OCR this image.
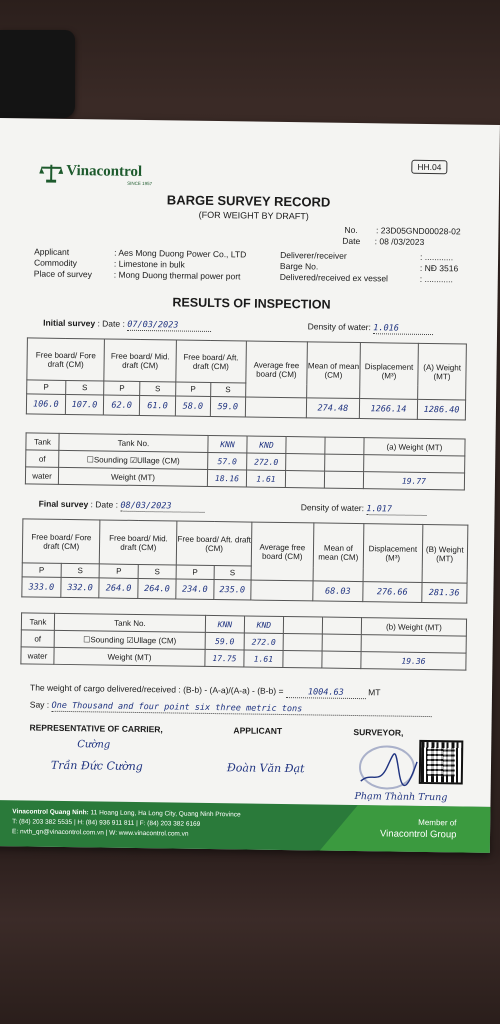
HH.04
Vinacontrol
SINCE 1957
BARGE SURVEY RECORD
(FOR WEIGHT BY DRAFT)
No. : 23D05GND00028-02
Date : 08 /03/2023
Applicant	: Aes Mong Duong Power Co., LTD
Commodity	: Limestone in bulk
Place of survey	: Mong Duong thermal power port
Deliverer/receiver	: ............
Barge No.	: NĐ 3516
Delivered/received ex vessel	: ............
RESULTS OF INSPECTION
Initial survey : Date : 07/03/2023	Density of water: 1.016
Free board/ Fore draft (CM)		Free board/ Mid. draft (CM)		Free board/ Aft. draft (CM)		Average free board (CM)	Mean of mean (CM)	Displacement (M³)	(A) Weight (MT)
P	S	P	S	P	S				
106.0	107.0	62.0	61.0	58.0	59.0		274.48	1266.14	1286.40
Tank	Tank No.	KNN	KND			(a) Weight (MT)
of	☐Sounding ☑Ullage (CM)	57.0	272.0			
water	Weight (MT)	18.16	1.61			19.77
Final survey : Date : 08/03/2023	Density of water: 1.017
Free board/ Fore draft (CM)		Free board/ Mid. draft (CM)		Free board/ Aft. draft (CM)		Average free board (CM)	Mean of mean (CM)	Displacement (M³)	(B) Weight (MT)
P	S	P	S	P	S				
333.0	332.0	264.0	264.0	234.0	235.0		68.03	276.66	281.36
Tank	Tank No.	KNN	KND			(b) Weight (MT)
of	☐Sounding ☑Ullage (CM)	59.0	272.0			
water	Weight (MT)	17.75	1.61			19.36
The weight of cargo delivered/received : (B-b) - (A-a)/(A-a) - (B-b) =	1004.63	MT
Say : One Thousand and four point six three metric tons
REPRESENTATIVE OF CARRIER,	APPLICANT	SURVEYOR,
Cường
Trần Đức Cường	Đoàn Văn Đạt
Phạm Thành Trung
Vinacontrol Quang Ninh: 11 Hoang Long, Ha Long City, Quang Ninh Province
T: (84) 203 382 5535 | H: (84) 936 911 811 | F: (84) 203 382 6169
E: nvth_qn@vinacontrol.com.vn | W: www.vinacontrol.com.vn
Member of
Vinacontrol Group
